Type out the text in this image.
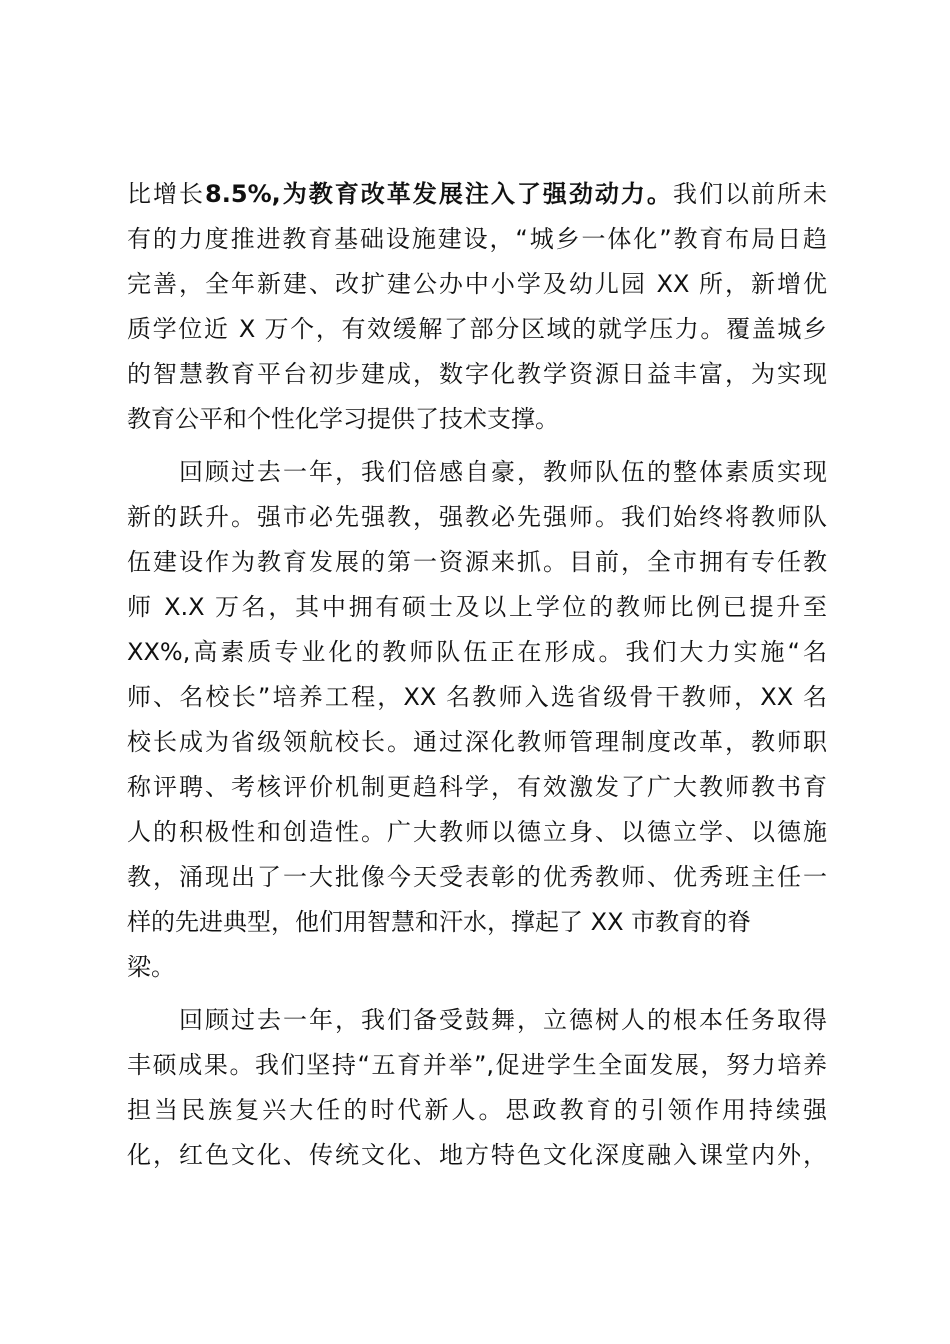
比增长8.5%,为教育改革发展注入了强劲动力。我们以前所未
有的力度推进教育基础设施建设，“城乡一体化”教育布局日趋
完善，全年新建、改扩建公办中小学及幼儿园 XX 所，新增优
质学位近 X 万个，有效缓解了部分区域的就学压力。覆盖城乡
的智慧教育平台初步建成，数字化教学资源日益丰富，为实现
教育公平和个性化学习提供了技术支撑。
回顾过去一年，我们倍感自豪，教师队伍的整体素质实现
新的跃升。强市必先强教，强教必先强师。我们始终将教师队
伍建设作为教育发展的第一资源来抓。目前，全市拥有专任教
师 X.X 万名，其中拥有硕士及以上学位的教师比例已提升至
XX%,高素质专业化的教师队伍正在形成。我们大力实施“名
师、名校长”培养工程，XX 名教师入选省级骨干教师，XX 名
校长成为省级领航校长。通过深化教师管理制度改革，教师职
称评聘、考核评价机制更趋科学，有效激发了广大教师教书育
人的积极性和创造性。广大教师以德立身、以德立学、以德施
教，涌现出了一大批像今天受表彰的优秀教师、优秀班主任一
样的先进典型，他们用智慧和汗水，撑起了 XX 市教育的脊
梁。
回顾过去一年，我们备受鼓舞，立德树人的根本任务取得
丰硕成果。我们坚持“五育并举”,促进学生全面发展，努力培养
担当民族复兴大任的时代新人。思政教育的引领作用持续强
化，红色文化、传统文化、地方特色文化深度融入课堂内外，
